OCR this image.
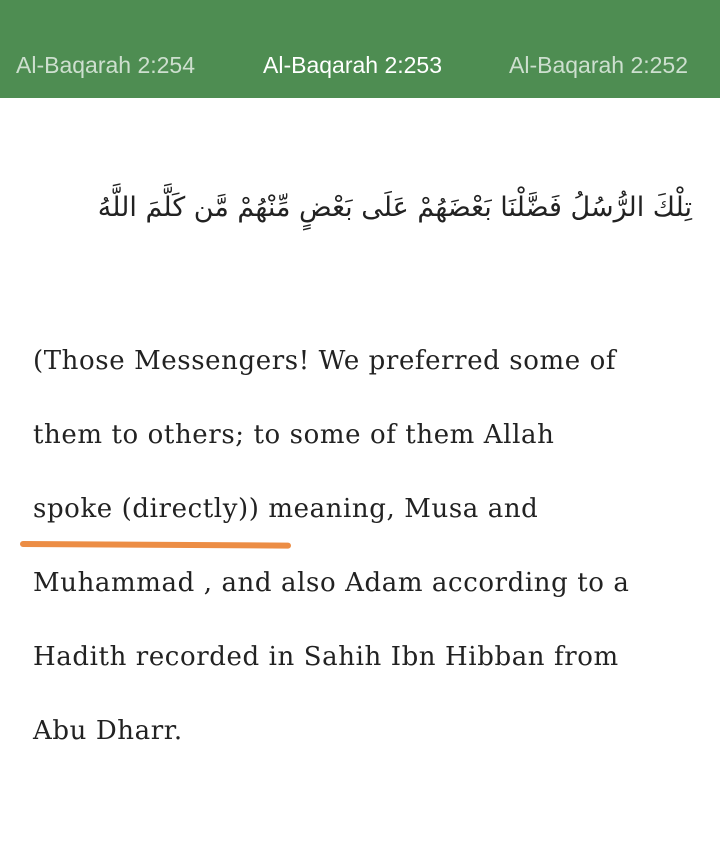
Al-Baqarah 2:254	Al-Baqarah 2:253	Al-Baqarah 2:252
تِلْكَ الرُّسُلُ فَضَّلْنَا بَعْضَهُمْ عَلَى بَعْضٍ مِّنْهُمْ مَّن كَلَّمَ اللَّهُ
(Those Messengers! We preferred some of
them to others; to some of them Allah
spoke (directly)) meaning, Musa and
Muhammad , and also Adam according to a
Hadith recorded in Sahih Ibn Hibban from
Abu Dharr.
